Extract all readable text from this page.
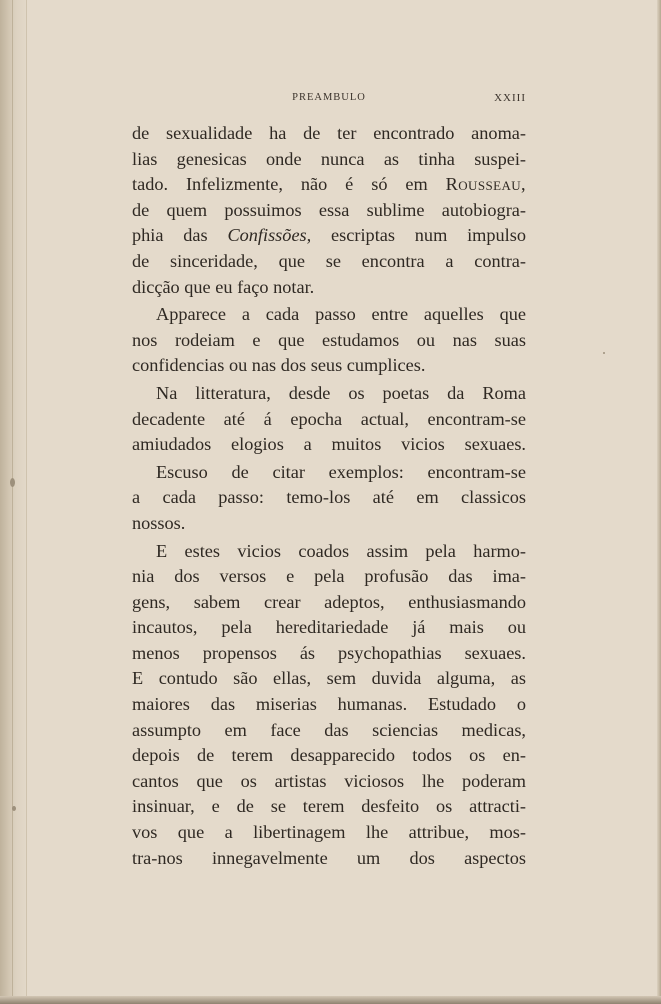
PREAMBULO	XXIII
de sexualidade ha de ter encontrado anoma-
lias genesicas onde nunca as tinha suspei-
tado. Infelizmente, não é só em Rousseau,
de quem possuimos essa sublime autobiogra-
phia das Confissões, escriptas num impulso
de sinceridade, que se encontra a contra-
dicção que eu faço notar.
Apparece a cada passo entre aquelles que
nos rodeiam e que estudamos ou nas suas
confidencias ou nas dos seus cumplices.
Na litteratura, desde os poetas da Roma
decadente até á epocha actual, encontram-se
amiudados elogios a muitos vicios sexuaes.
Escuso de citar exemplos: encontram-se
a cada passo: temo-los até em classicos
nossos.
E estes vicios coados assim pela harmo-
nia dos versos e pela profusão das ima-
gens, sabem crear adeptos, enthusiasmando
incautos, pela hereditariedade já mais ou
menos propensos ás psychopathias sexuaes.
E contudo são ellas, sem duvida alguma, as
maiores das miserias humanas. Estudado o
assumpto em face das sciencias medicas,
depois de terem desapparecido todos os en-
cantos que os artistas viciosos lhe poderam
insinuar, e de se terem desfeito os attracti-
vos que a libertinagem lhe attribue, mos-
tra-nos innegavelmente um dos aspectos
